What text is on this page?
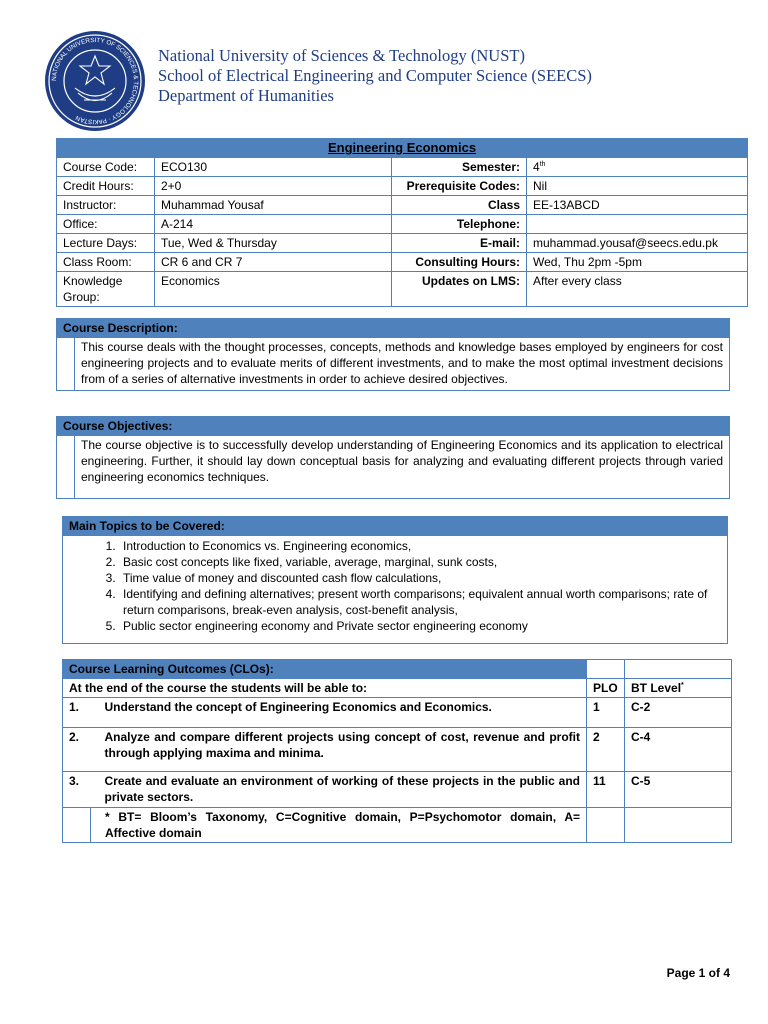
NATIONAL UNIVERSITY OF SCIENCES & TECHNOLOGY · PAKISTAN
National University of Sciences & Technology (NUST)
School of Electrical Engineering and Computer Science (SEECS)
Department of Humanities
Engineering Economics			
Course Code:	ECO130	Semester:	4th
Credit Hours:	2+0	Prerequisite Codes:	Nil
Instructor:	Muhammad Yousaf	Class	EE-13ABCD
Office:	A-214	Telephone:	
Lecture Days:	Tue, Wed & Thursday	E-mail:	muhammad.yousaf@seecs.edu.pk
Class Room:	CR 6 and CR 7	Consulting Hours:	Wed, Thu 2pm -5pm
Knowledge Group:	Economics	Updates on LMS:	After every class
Course Description:
	This course deals with the thought processes, concepts, methods and knowledge bases employed by engineers for cost engineering projects and to evaluate merits of different investments, and to make the most optimal investment decisions from of a series of alternative investments in order to achieve desired objectives.
Course Objectives:
	The course objective is to successfully develop understanding of Engineering Economics and its application to electrical engineering. Further, it should lay down conceptual basis for analyzing and evaluating different projects through varied engineering economics techniques.
Main Topics to be Covered:

1. Introduction to Economics vs. Engineering economics,
2. Basic cost concepts like fixed, variable, average, marginal, sunk costs,
3. Time value of money and discounted cash flow calculations,
4. Identifying and defining alternatives; present worth comparisons; equivalent annual worth comparisons; rate of return comparisons, break-even analysis, cost-benefit analysis,
5. Public sector engineering economy and Private sector engineering economy
Course Learning Outcomes (CLOs):			
At the end of the course the students will be able to:		PLO	BT Level*
1.	Understand the concept of Engineering Economics and Economics.	1	C-2
2.	Analyze and compare different projects using concept of cost, revenue and profit through applying maxima and minima.	2	C-4
3.	Create and evaluate an environment of working of these projects in the public and private sectors.	11	C-5
	* BT= Bloom’s Taxonomy, C=Cognitive domain, P=Psychomotor domain, A= Affective domain		
Page 1 of 4
